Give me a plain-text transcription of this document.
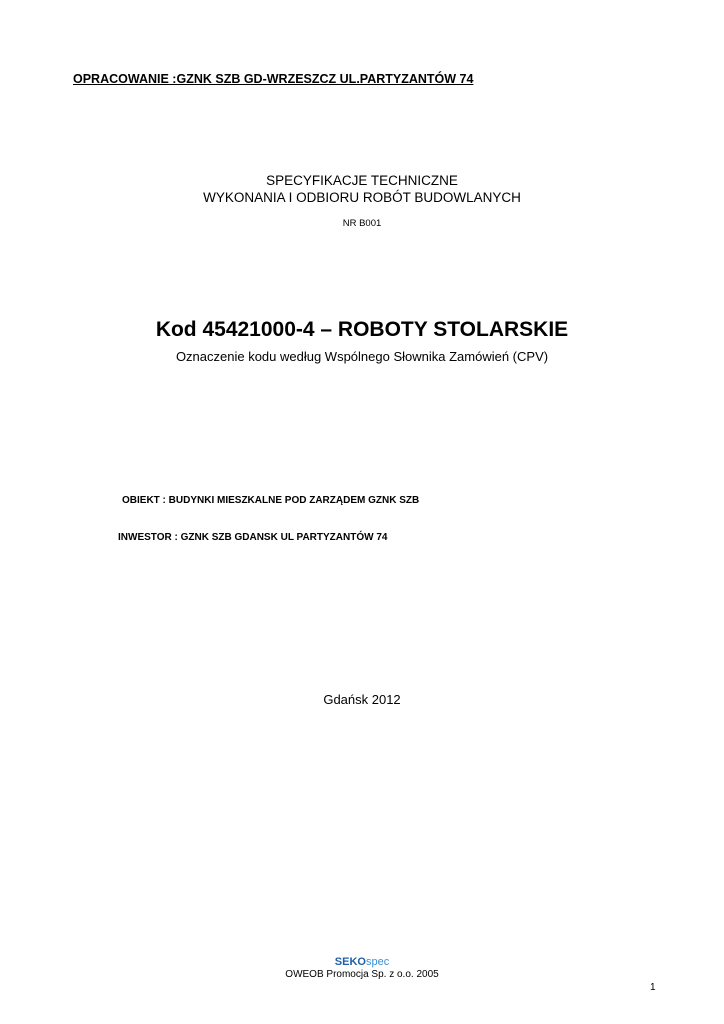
OPRACOWANIE :GZNK SZB GD-WRZESZCZ UL.PARTYZANTÓW 74
SPECYFIKACJE TECHNICZNE
WYKONANIA I ODBIORU ROBÓT BUDOWLANYCH
NR B001
Kod 45421000-4 – ROBOTY STOLARSKIE
Oznaczenie kodu według Wspólnego Słownika Zamówień (CPV)
OBIEKT : BUDYNKI MIESZKALNE POD ZARZĄDEM GZNK SZB
INWESTOR : GZNK SZB GDANSK UL PARTYZANTÓW 74
Gdańsk 2012
SEKOspec
OWEOB Promocja Sp. z o.o. 2005
1
